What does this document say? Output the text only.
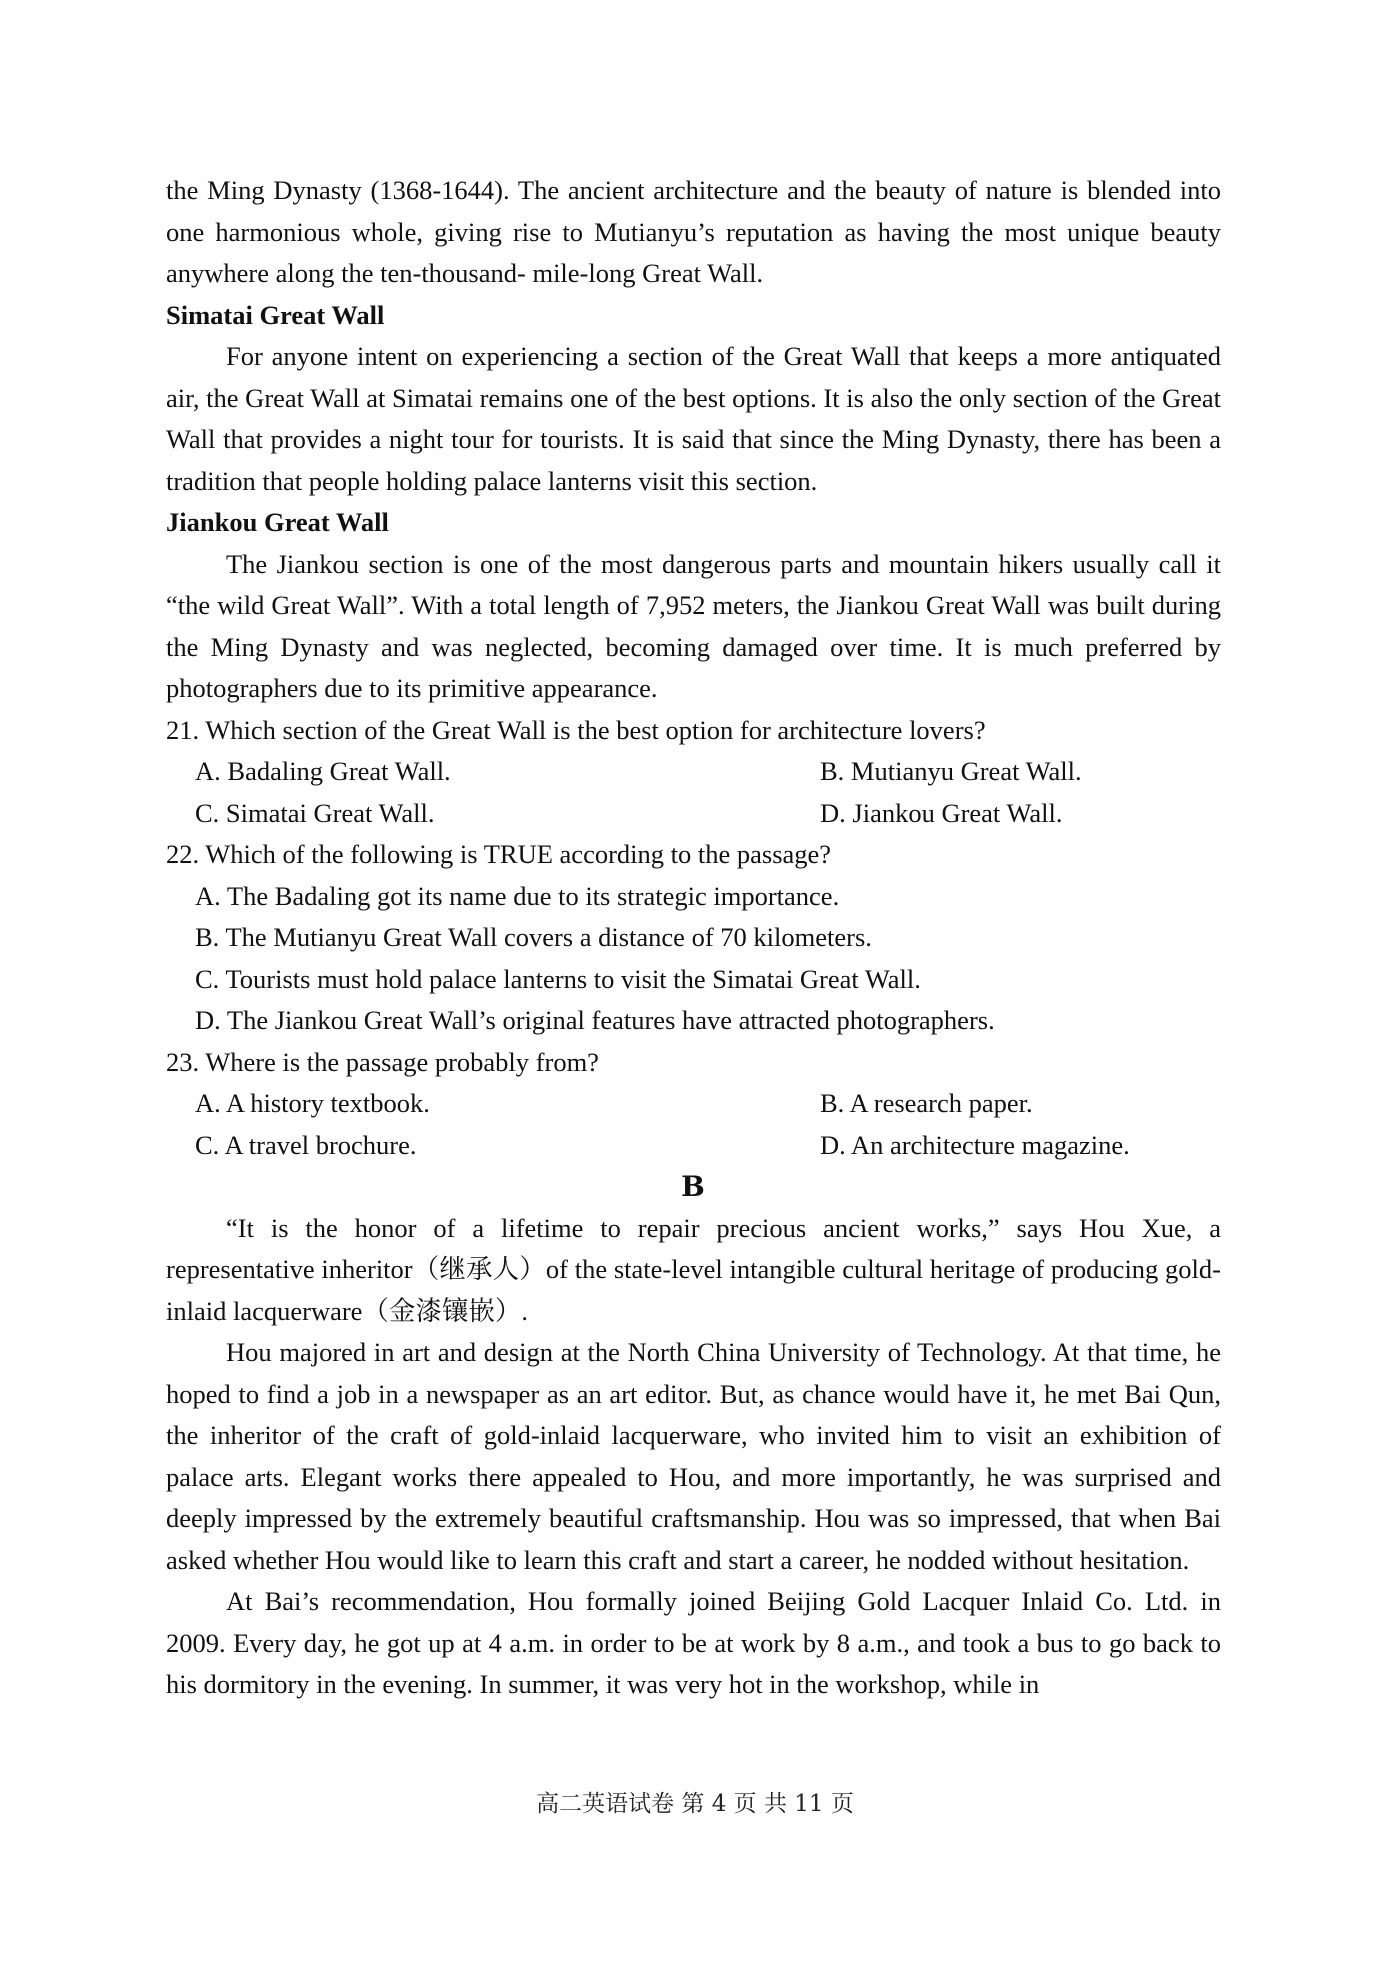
the Ming Dynasty (1368-1644). The ancient architecture and the beauty of nature is blended into one harmonious whole, giving rise to Mutianyu’s reputation as having the most unique beauty anywhere along the ten-thousand- mile-long Great Wall.

Simatai Great Wall

For anyone intent on experiencing a section of the Great Wall that keeps a more antiquated air, the Great Wall at Simatai remains one of the best options. It is also the only section of the Great Wall that provides a night tour for tourists. It is said that since the Ming Dynasty, there has been a tradition that people holding palace lanterns visit this section.

Jiankou Great Wall

The Jiankou section is one of the most dangerous parts and mountain hikers usually call it “the wild Great Wall”. With a total length of 7,952 meters, the Jiankou Great Wall was built during the Ming Dynasty and was neglected, becoming damaged over time. It is much preferred by photographers due to its primitive appearance.

21. Which section of the Great Wall is the best option for architecture lovers?

A. Badaling Great Wall.	B. Mutianyu Great Wall.

C. Simatai Great Wall.	D. Jiankou Great Wall.

22. Which of the following is TRUE according to the passage?

A. The Badaling got its name due to its strategic importance.

B. The Mutianyu Great Wall covers a distance of 70 kilometers.

C. Tourists must hold palace lanterns to visit the Simatai Great Wall.

D. The Jiankou Great Wall’s original features have attracted photographers.

23. Where is the passage probably from?

A. A history textbook.	B. A research paper.

C. A travel brochure.	D. An architecture magazine.

B

“It is the honor of a lifetime to repair precious ancient works,” says Hou Xue, a representative inheritor（继承人）of the state-level intangible cultural heritage of producing gold-inlaid lacquerware（金漆镶嵌）.

Hou majored in art and design at the North China University of Technology. At that time, he hoped to find a job in a newspaper as an art editor. But, as chance would have it, he met Bai Qun, the inheritor of the craft of gold-inlaid lacquerware, who invited him to visit an exhibition of palace arts. Elegant works there appealed to Hou, and more importantly, he was surprised and deeply impressed by the extremely beautiful craftsmanship. Hou was so impressed, that when Bai asked whether Hou would like to learn this craft and start a career, he nodded without hesitation.

At Bai’s recommendation, Hou formally joined Beijing Gold Lacquer Inlaid Co. Ltd. in 2009. Every day, he got up at 4 a.m. in order to be at work by 8 a.m., and took a bus to go back to his dormitory in the evening. In summer, it was very hot in the workshop, while in

高二英语试卷 第 4 页 共 11 页
